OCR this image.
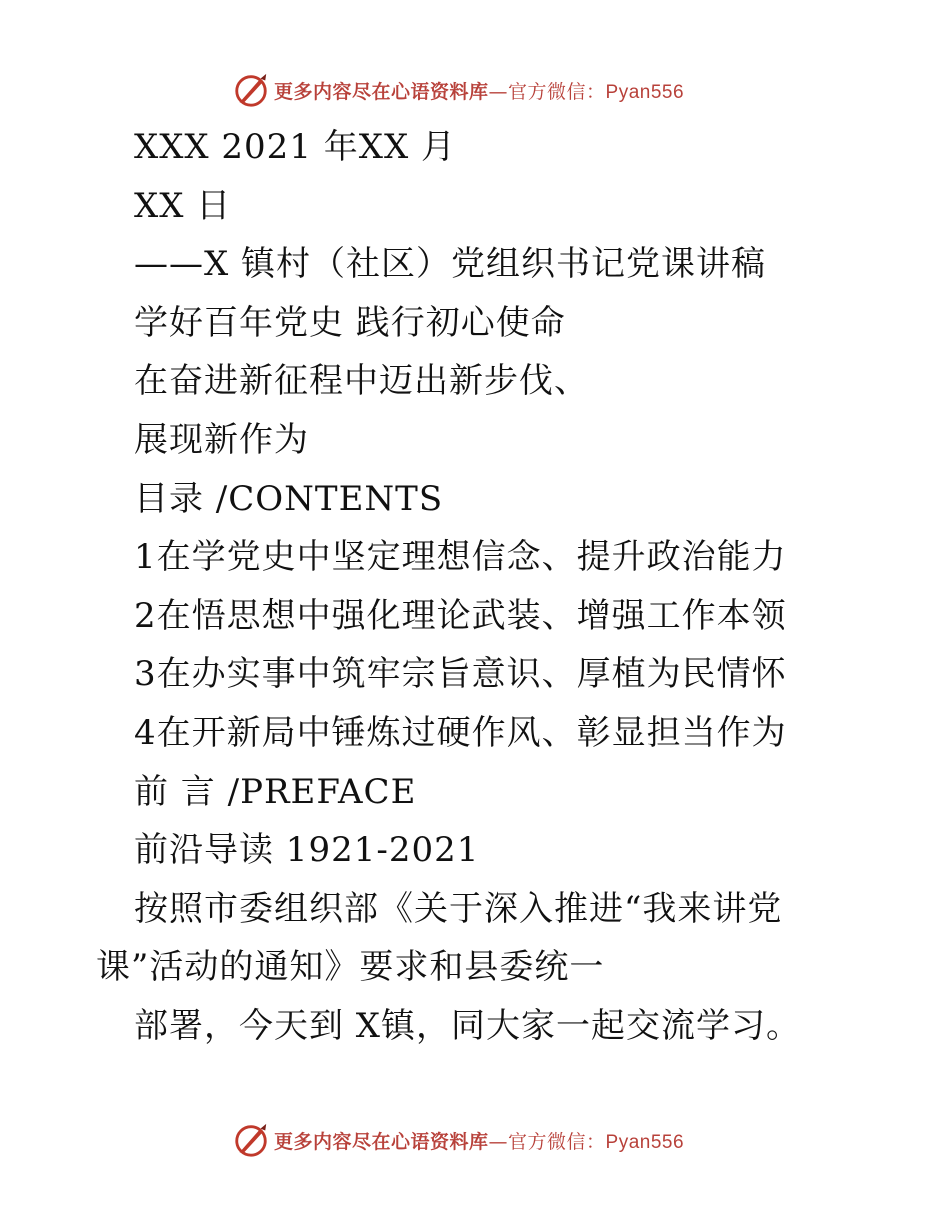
更多内容尽在心语资料库—官方微信：Pyan556
XXX 2021 年XX 月
XX 日
——X 镇村（社区）党组织书记党课讲稿
学好百年党史 践行初心使命
在奋进新征程中迈出新步伐、
展现新作为
目录 /CONTENTS
1在学党史中坚定理想信念、提升政治能力
2在悟思想中强化理论武装、增强工作本领
3在办实事中筑牢宗旨意识、厚植为民情怀
4在开新局中锤炼过硬作风、彰显担当作为
前 言 /PREFACE
前沿导读 1921-2021
按照市委组织部《关于深入推进“我来讲党
课”活动的通知》要求和县委统一
部署，今天到 X镇，同大家一起交流学习。
更多内容尽在心语资料库—官方微信：Pyan556
